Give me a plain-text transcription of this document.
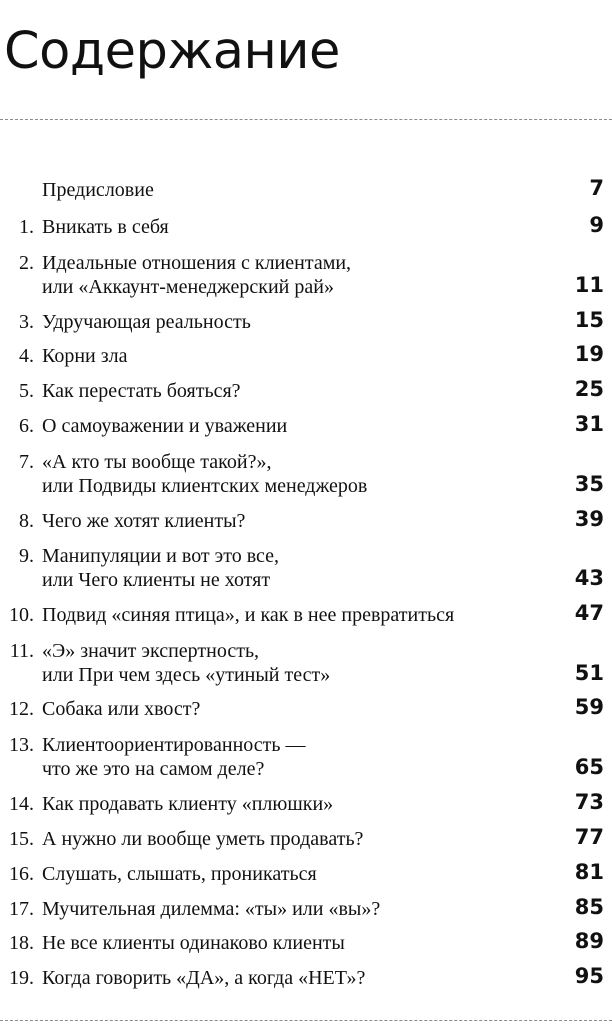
Содержание
Предисловие	7
1. Вникать в себя	9
2. Идеальные отношения с клиентами,
или «Аккаунт-менеджерский рай»	11
3. Удручающая реальность	15
4. Корни зла	19
5. Как перестать бояться?	25
6. О самоуважении и уважении	31
7. «А кто ты вообще такой?»,
или Подвиды клиентских менеджеров	35
8. Чего же хотят клиенты?	39
9. Манипуляции и вот это все,
или Чего клиенты не хотят	43
10. Подвид «синяя птица», и как в нее превратиться	47
11. «Э» значит экспертность,
или При чем здесь «утиный тест»	51
12. Собака или хвост?	59
13. Клиентоориентированность —
что же это на самом деле?	65
14. Как продавать клиенту «плюшки»	73
15. А нужно ли вообще уметь продавать?	77
16. Слушать, слышать, проникаться	81
17. Мучительная дилемма: «ты» или «вы»?	85
18. Не все клиенты одинаково клиенты	89
19. Когда говорить «ДА», а когда «НЕТ»?	95
